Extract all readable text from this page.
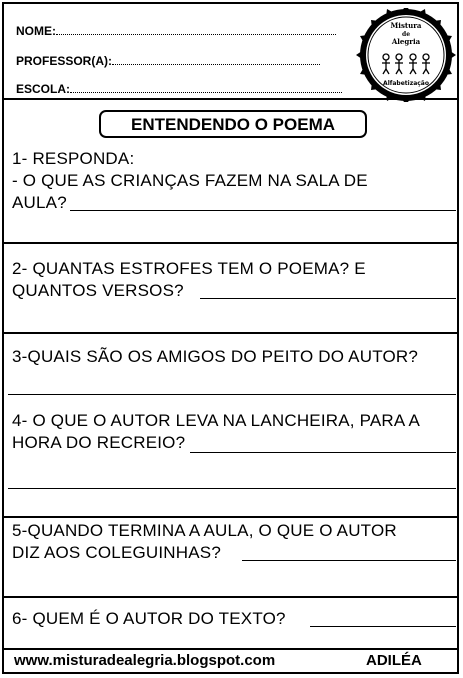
NOME:
PROFESSOR(A):
ESCOLA:
Mistura
de
Alegria
Alfabetização
ENTENDENDO O POEMA
1- RESPONDA:
- O QUE AS CRIANÇAS FAZEM NA SALA DE
AULA?
2- QUANTAS ESTROFES TEM O POEMA? E
QUANTOS VERSOS?
3-QUAIS SÃO OS AMIGOS DO PEITO DO AUTOR?
4- O QUE O AUTOR LEVA NA LANCHEIRA, PARA A
HORA DO RECREIO?
5-QUANDO TERMINA A AULA, O QUE O AUTOR
DIZ AOS COLEGUINHAS?
6- QUEM É O AUTOR DO TEXTO?
www.misturadealegria.blogspot.com	ADILÉA
